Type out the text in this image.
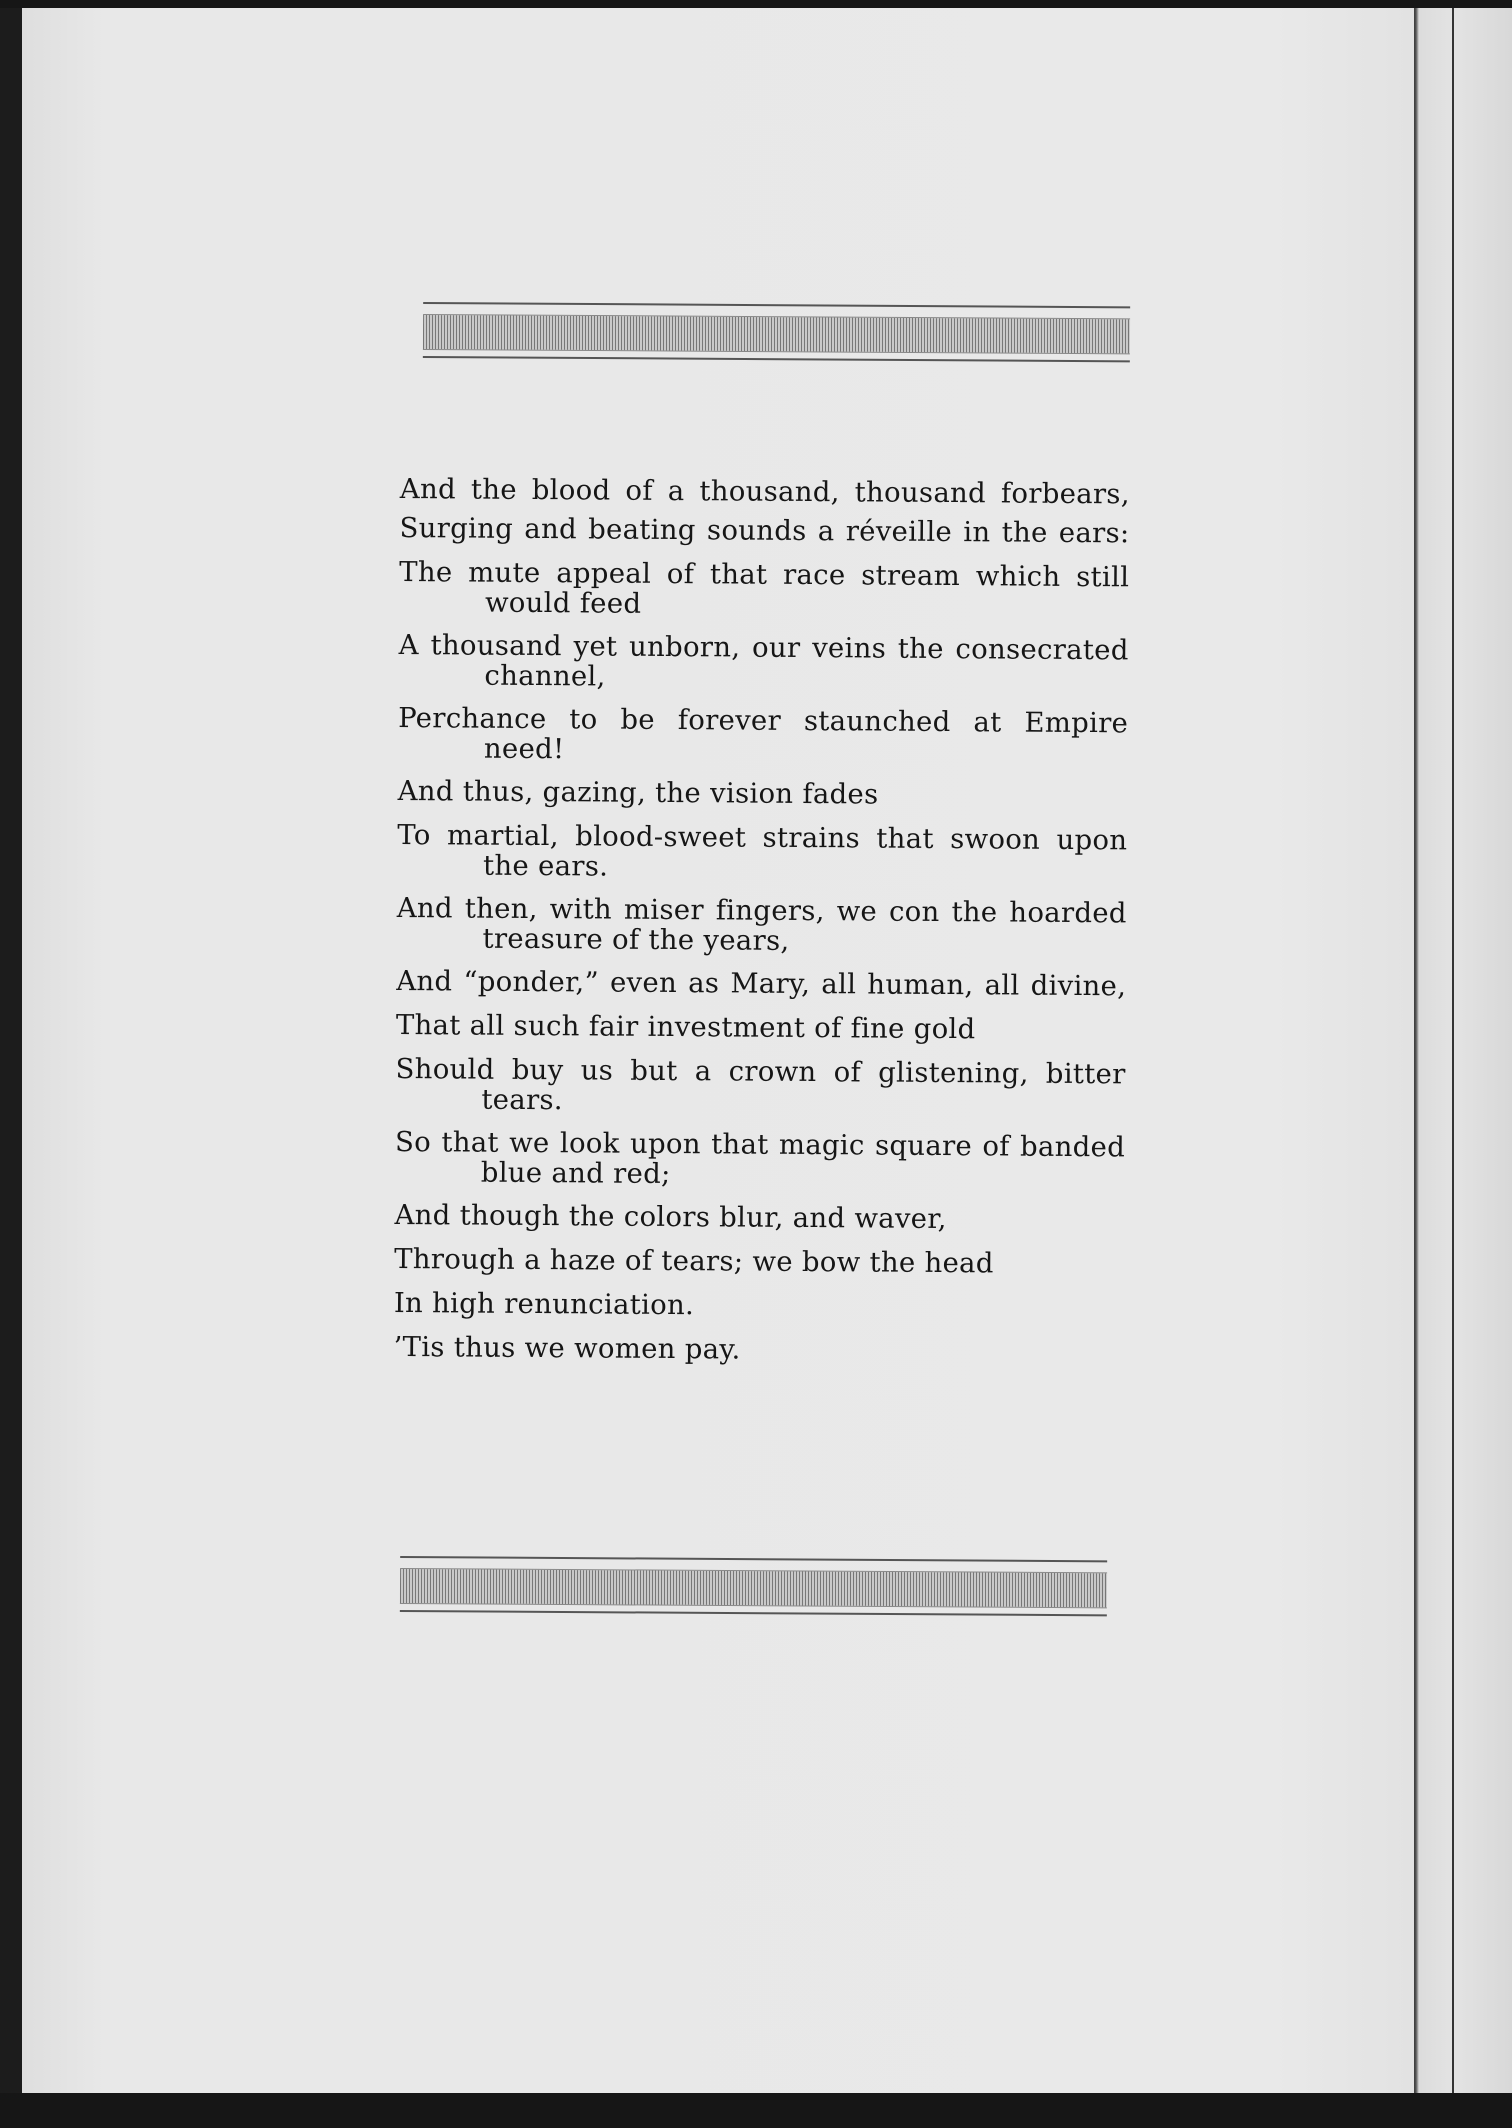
And the blood of a thousand, thousand forbears,
Surging and beating sounds a réveille in the ears:
The mute appeal of that race stream which still
would feed
A thousand yet unborn, our veins the consecrated
channel,
Perchance to be forever staunched at Empire
need!
And thus, gazing, the vision fades
To martial, blood-sweet strains that swoon upon
the ears.
And then, with miser fingers, we con the hoarded
treasure of the years,
And “ponder,” even as Mary, all human, all divine,
That all such fair investment of fine gold
Should buy us but a crown of glistening, bitter
tears.
So that we look upon that magic square of banded
blue and red;
And though the colors blur, and waver,
Through a haze of tears; we bow the head
In high renunciation.
’Tis thus we women pay.
